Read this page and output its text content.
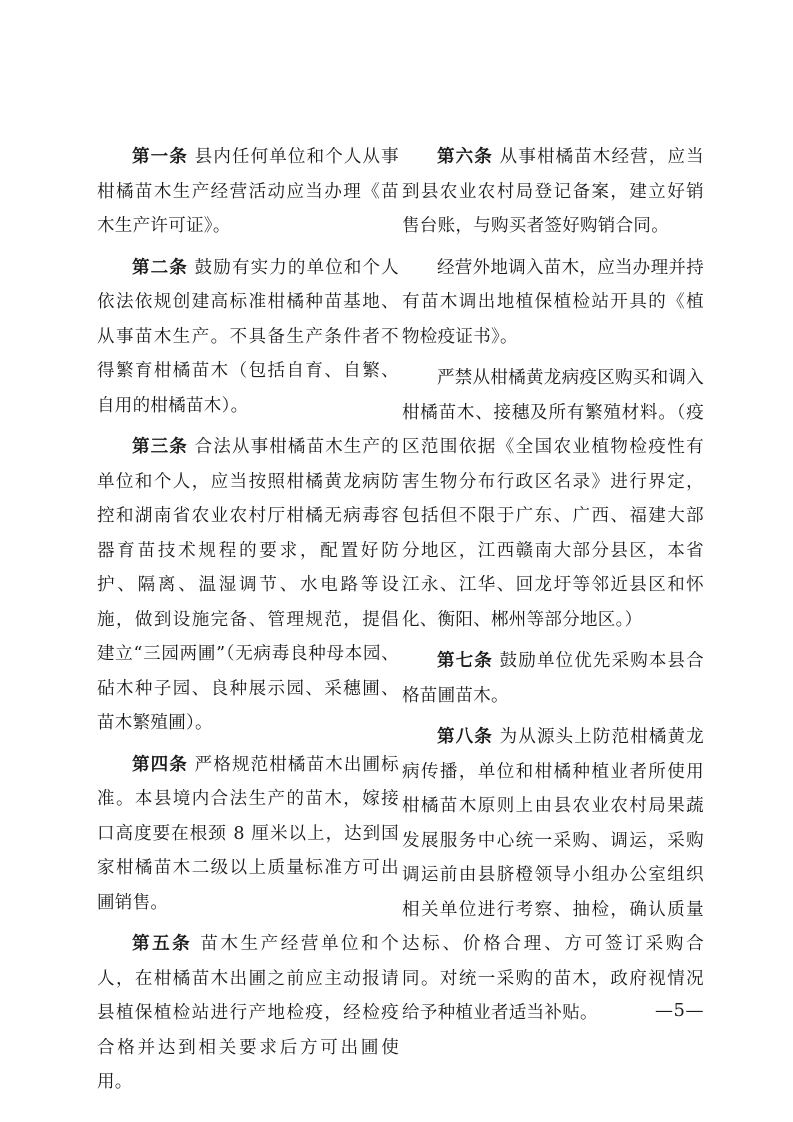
第一条 县内任何单位和个人从事柑橘苗木生产经营活动应当办理《苗木生产许可证》。

第二条 鼓励有实力的单位和个人依法依规创建高标准柑橘种苗基地、从事苗木生产。不具备生产条件者不得繁育柑橘苗木（包括自育、自繁、自用的柑橘苗木）。

第三条 合法从事柑橘苗木生产的单位和个人，应当按照柑橘黄龙病防控和湖南省农业农村厅柑橘无病毒容器育苗技术规程的要求，配置好防护、隔离、温湿调节、水电路等设施，做到设施完备、管理规范，提倡建立“三园两圃”（无病毒良种母本园、砧木种子园、良种展示园、采穗圃、苗木繁殖圃）。

第四条 严格规范柑橘苗木出圃标准。本县境内合法生产的苗木，嫁接口高度要在根颈 8 厘米以上，达到国家柑橘苗木二级以上质量标准方可出圃销售。

第五条 苗木生产经营单位和个人，在柑橘苗木出圃之前应主动报请县植保植检站进行产地检疫，经检疫合格并达到相关要求后方可出圃使用。

第六条 从事柑橘苗木经营，应当到县农业农村局登记备案，建立好销售台账，与购买者签好购销合同。

经营外地调入苗木，应当办理并持有苗木调出地植保植检站开具的《植物检疫证书》。

严禁从柑橘黄龙病疫区购买和调入柑橘苗木、接穗及所有繁殖材料。（疫区范围依据《全国农业植物检疫性有害生物分布行政区名录》进行界定，包括但不限于广东、广西、福建大部分地区，江西赣南大部分县区，本省江永、江华、回龙圩等邻近县区和怀化、衡阳、郴州等部分地区。）

第七条 鼓励单位优先采购本县合格苗圃苗木。

第八条 为从源头上防范柑橘黄龙病传播，单位和柑橘种植业者所使用柑橘苗木原则上由县农业农村局果蔬发展服务中心统一采购、调运，采购调运前由县脐橙领导小组办公室组织相关单位进行考察、抽检，确认质量达标、价格合理、方可签订采购合同。对统一采购的苗木，政府视情况给予种植业者适当补贴。	—5—
